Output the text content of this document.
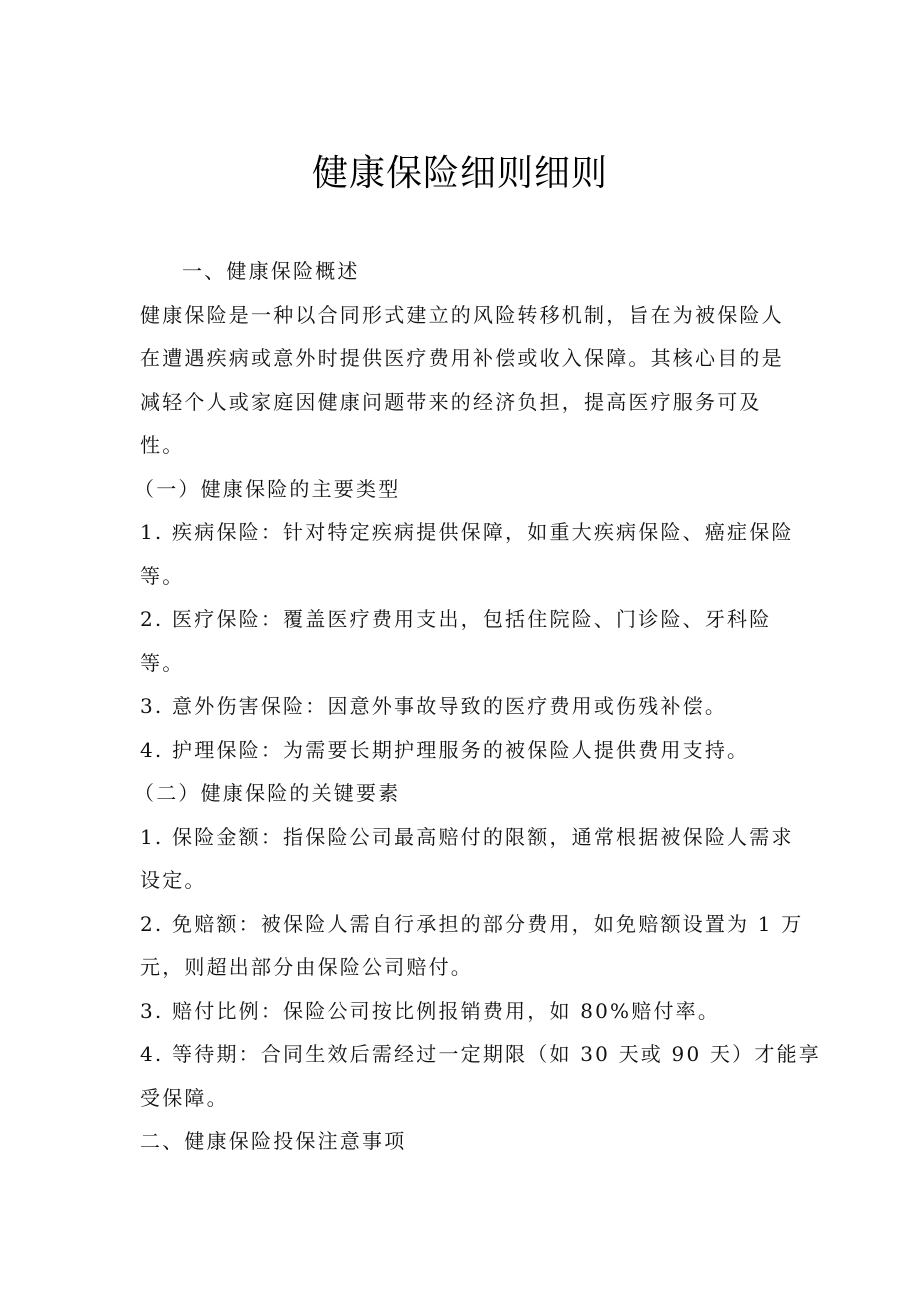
健康保险细则细则
一、健康保险概述
健康保险是一种以合同形式建立的风险转移机制，旨在为被保险人
在遭遇疾病或意外时提供医疗费用补偿或收入保障。其核心目的是
减轻个人或家庭因健康问题带来的经济负担，提高医疗服务可及
性。
（一）健康保险的主要类型
1. 疾病保险：针对特定疾病提供保障，如重大疾病保险、癌症保险
等。
2. 医疗保险：覆盖医疗费用支出，包括住院险、门诊险、牙科险
等。
3. 意外伤害保险：因意外事故导致的医疗费用或伤残补偿。
4. 护理保险：为需要长期护理服务的被保险人提供费用支持。
（二）健康保险的关键要素
1. 保险金额：指保险公司最高赔付的限额，通常根据被保险人需求
设定。
2. 免赔额：被保险人需自行承担的部分费用，如免赔额设置为 1 万
元，则超出部分由保险公司赔付。
3. 赔付比例：保险公司按比例报销费用，如 80%赔付率。
4. 等待期：合同生效后需经过一定期限（如 30 天或 90 天）才能享
受保障。
二、健康保险投保注意事项
